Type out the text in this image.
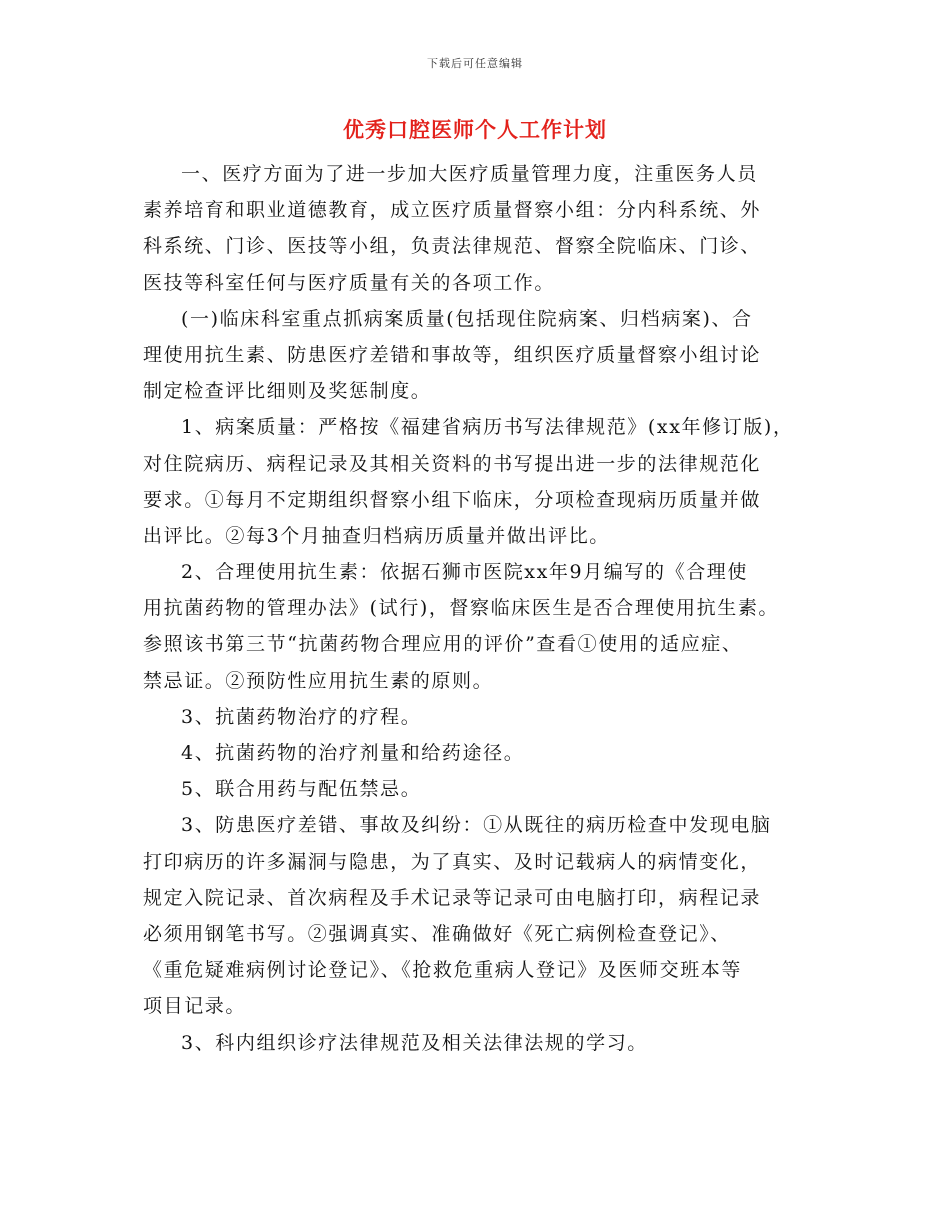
下载后可任意编辑
优秀口腔医师个人工作计划
一、医疗方面为了进一步加大医疗质量管理力度，注重医务人员
素养培育和职业道德教育，成立医疗质量督察小组：分内科系统、外
科系统、门诊、医技等小组，负责法律规范、督察全院临床、门诊、
医技等科室任何与医疗质量有关的各项工作。
(一)临床科室重点抓病案质量(包括现住院病案、归档病案)、合
理使用抗生素、防患医疗差错和事故等，组织医疗质量督察小组讨论
制定检查评比细则及奖惩制度。
1、病案质量：严格按《福建省病历书写法律规范》(xx年修订版)，
对住院病历、病程记录及其相关资料的书写提出进一步的法律规范化
要求。①每月不定期组织督察小组下临床，分项检查现病历质量并做
出评比。②每3个月抽查归档病历质量并做出评比。
2、合理使用抗生素：依据石狮市医院xx年9月编写的《合理使
用抗菌药物的管理办法》(试行)，督察临床医生是否合理使用抗生素。
参照该书第三节“抗菌药物合理应用的评价”查看①使用的适应症、
禁忌证。②预防性应用抗生素的原则。
3、抗菌药物治疗的疗程。
4、抗菌药物的治疗剂量和给药途径。
5、联合用药与配伍禁忌。
3、防患医疗差错、事故及纠纷：①从既往的病历检查中发现电脑
打印病历的许多漏洞与隐患，为了真实、及时记载病人的病情变化，
规定入院记录、首次病程及手术记录等记录可由电脑打印，病程记录
必须用钢笔书写。②强调真实、准确做好《死亡病例检查登记》、
《重危疑难病例讨论登记》、《抢救危重病人登记》及医师交班本等
项目记录。
3、科内组织诊疗法律规范及相关法律法规的学习。
